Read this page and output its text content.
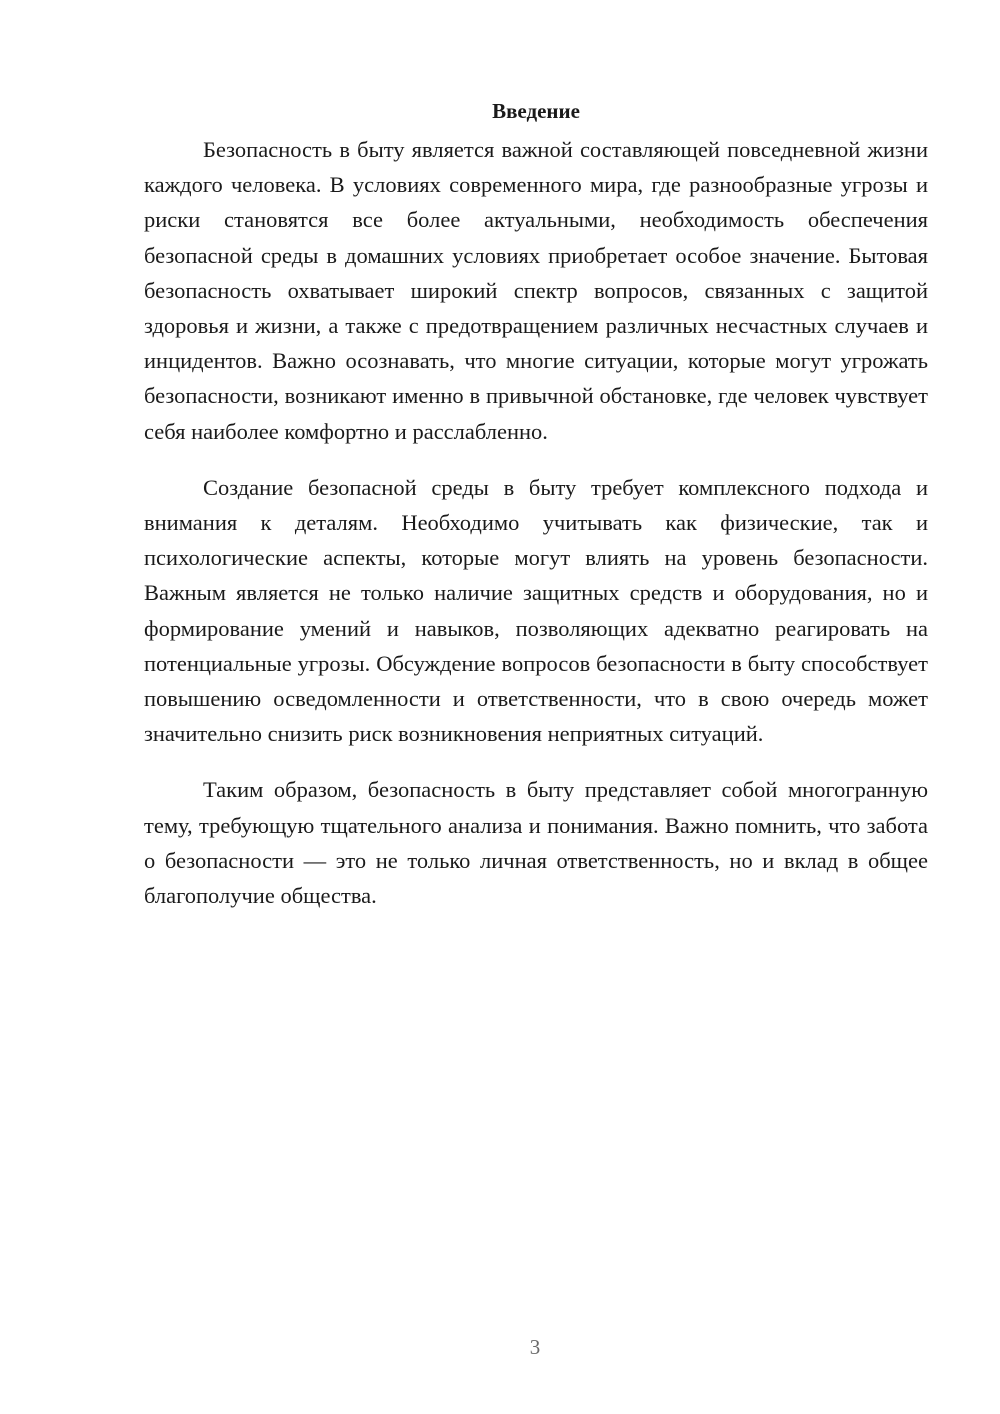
Введение

Безопасность в быту является важной составляющей повседневной жизни каждого человека. В условиях современного мира, где разнообразные угрозы и риски становятся все более актуальными, необходимость обеспечения безопасной среды в домашних условиях приобретает особое значение. Бытовая безопасность охватывает широкий спектр вопросов, связанных с защитой здоровья и жизни, а также с предотвращением различных несчастных случаев и инцидентов. Важно осознавать, что многие ситуации, которые могут угрожать безопасности, возникают именно в привычной обстановке, где человек чувствует себя наиболее комфортно и расслабленно.

Создание безопасной среды в быту требует комплексного подхода и внимания к деталям. Необходимо учитывать как физические, так и психологические аспекты, которые могут влиять на уровень безопасности. Важным является не только наличие защитных средств и оборудования, но и формирование умений и навыков, позволяющих адекватно реагировать на потенциальные угрозы. Обсуждение вопросов безопасности в быту способствует повышению осведомленности и ответственности, что в свою очередь может значительно снизить риск возникновения неприятных ситуаций.

Таким образом, безопасность в быту представляет собой многогранную тему, требующую тщательного анализа и понимания. Важно помнить, что забота о безопасности — это не только личная ответственность, но и вклад в общее благополучие общества.

3
